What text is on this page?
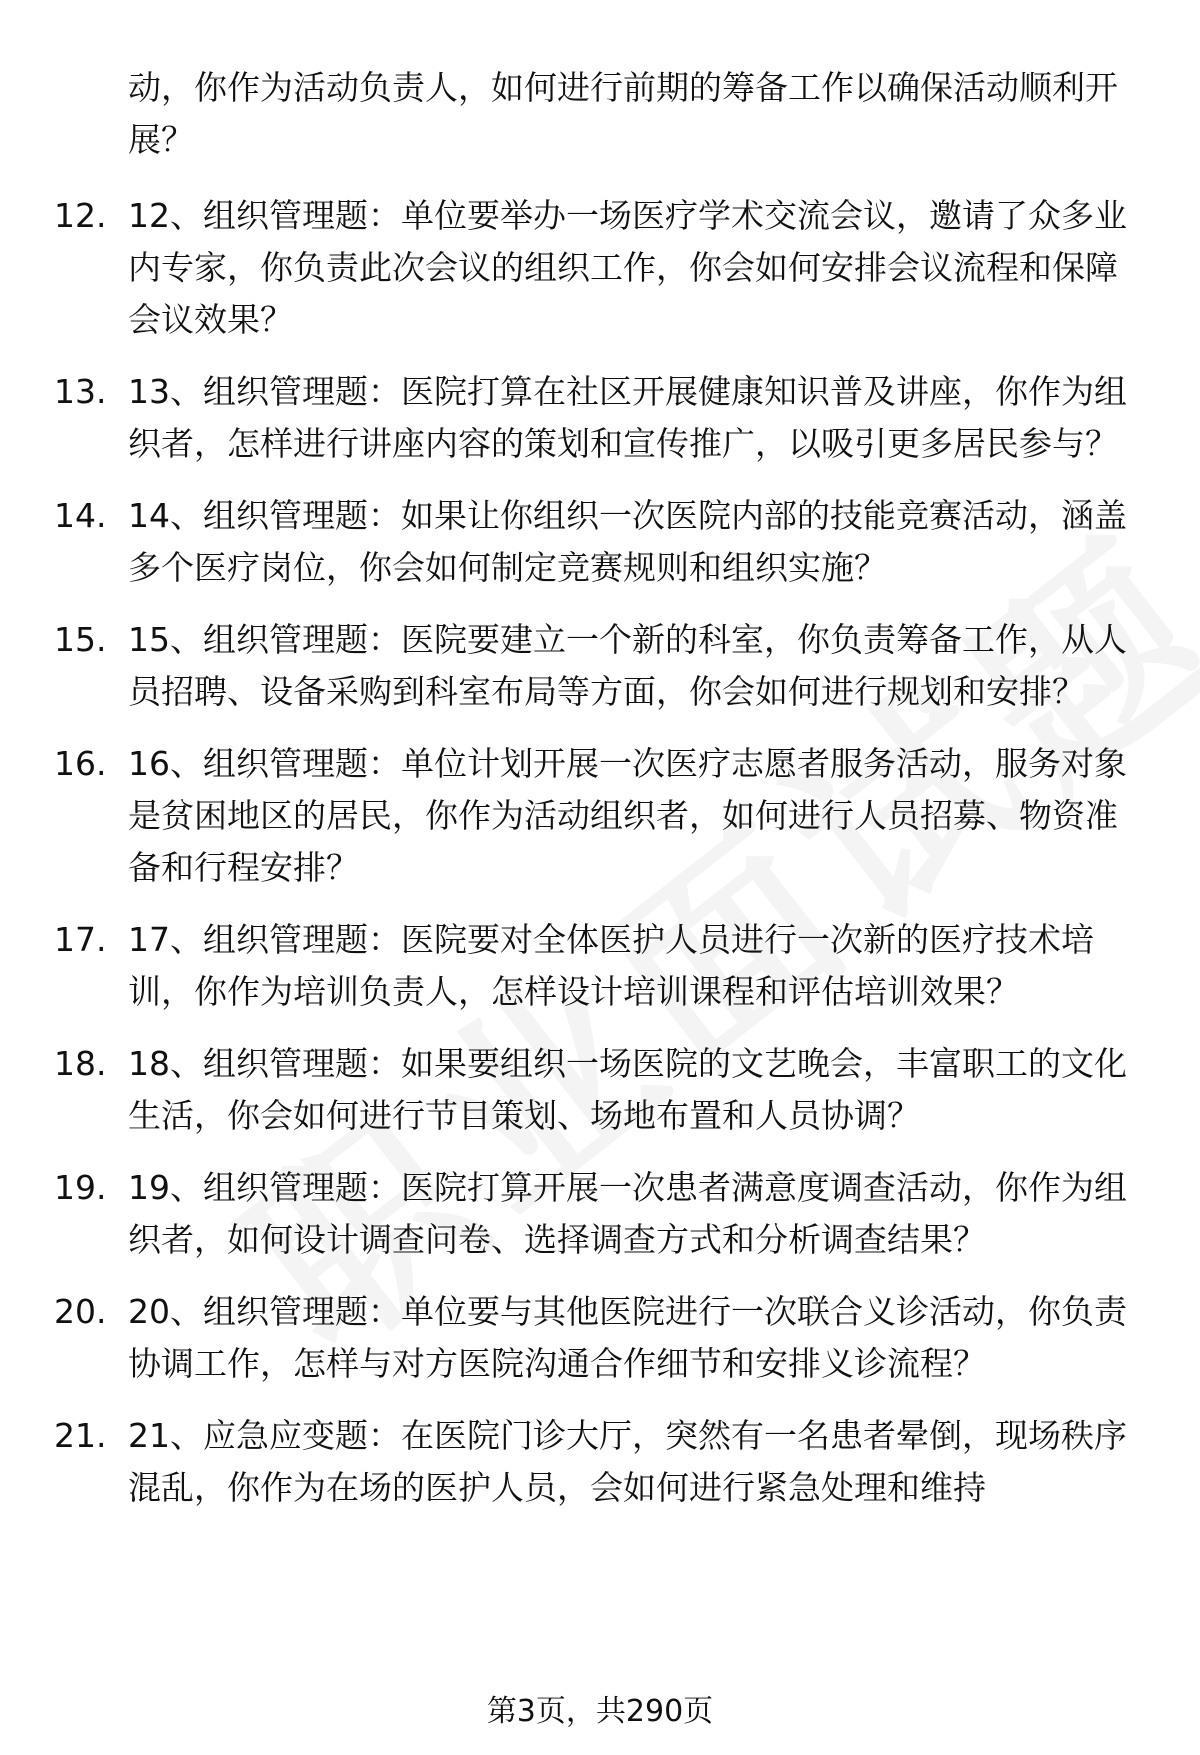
动，你作为活动负责人，如何进行前期的筹备工作以确保活动顺利开展？
12. 12、组织管理题：单位要举办一场医疗学术交流会议，邀请了众多业内专家，你负责此次会议的组织工作，你会如何安排会议流程和保障会议效果？
13. 13、组织管理题：医院打算在社区开展健康知识普及讲座，你作为组织者，怎样进行讲座内容的策划和宣传推广，以吸引更多居民参与？
14. 14、组织管理题：如果让你组织一次医院内部的技能竞赛活动，涵盖多个医疗岗位，你会如何制定竞赛规则和组织实施？
15. 15、组织管理题：医院要建立一个新的科室，你负责筹备工作，从人员招聘、设备采购到科室布局等方面，你会如何进行规划和安排？
16. 16、组织管理题：单位计划开展一次医疗志愿者服务活动，服务对象是贫困地区的居民，你作为活动组织者，如何进行人员招募、物资准备和行程安排？
17. 17、组织管理题：医院要对全体医护人员进行一次新的医疗技术培训，你作为培训负责人，怎样设计培训课程和评估培训效果？
18. 18、组织管理题：如果要组织一场医院的文艺晚会，丰富职工的文化生活，你会如何进行节目策划、场地布置和人员协调？
19. 19、组织管理题：医院打算开展一次患者满意度调查活动，你作为组织者，如何设计调查问卷、选择调查方式和分析调查结果？
20. 20、组织管理题：单位要与其他医院进行一次联合义诊活动，你负责协调工作，怎样与对方医院沟通合作细节和安排义诊流程？
21. 21、应急应变题：在医院门诊大厅，突然有一名患者晕倒，现场秩序混乱，你作为在场的医护人员，会如何进行紧急处理和维持
第3页，共290页
